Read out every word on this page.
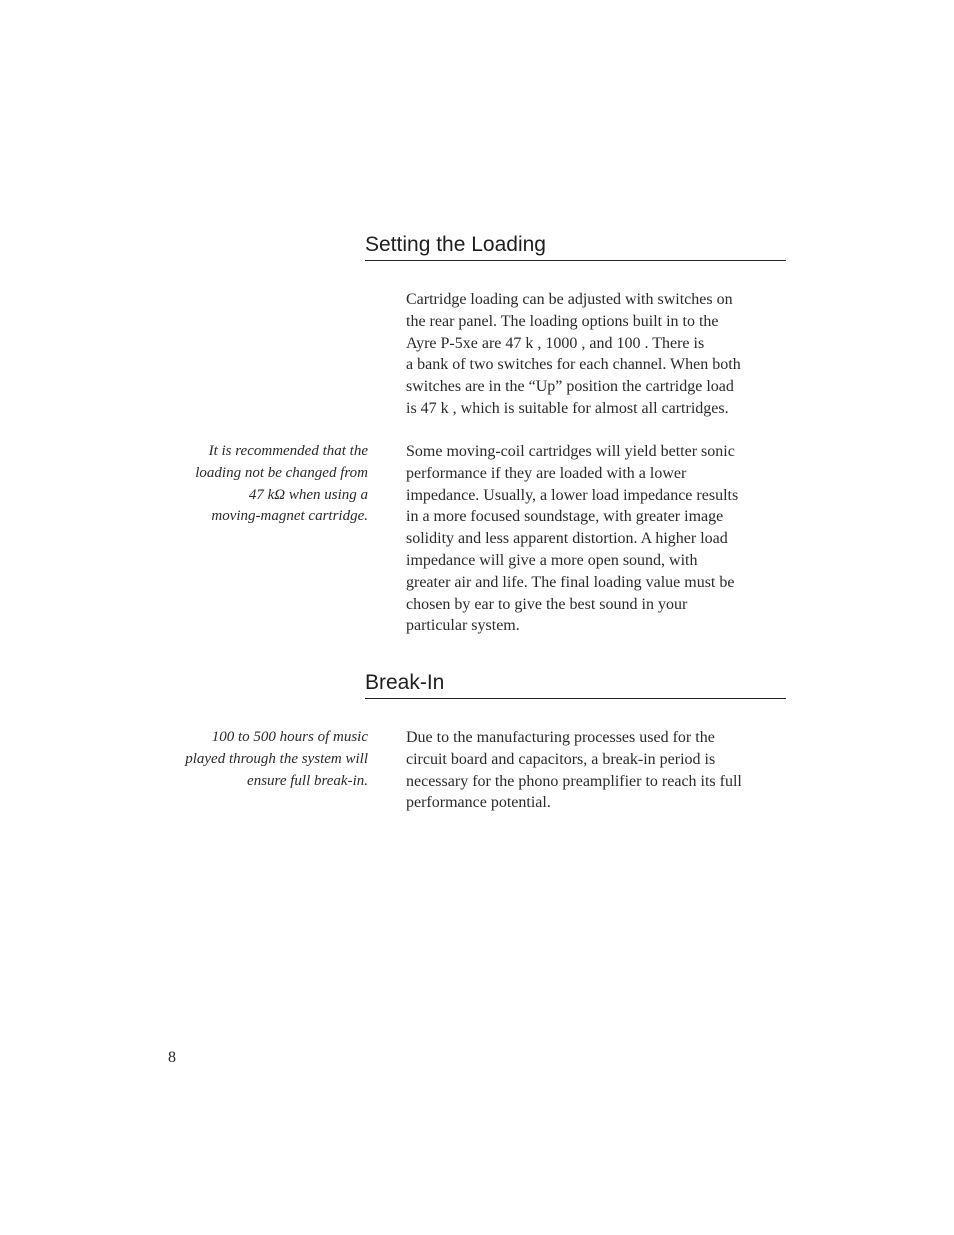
Setting the Loading

Cartridge loading can be adjusted with switches on
the rear panel. The loading options built in to the
Ayre P-5xe are 47 k , 1000 , and 100 . There is
a bank of two switches for each channel. When both
switches are in the “Up” position the cartridge load
is 47 k , which is suitable for almost all cartridges.

It is recommended that the
loading not be changed from
47 kΩ when using a
moving-magnet cartridge.

Some moving-coil cartridges will yield better sonic
performance if they are loaded with a lower
impedance. Usually, a lower load impedance results
in a more focused soundstage, with greater image
solidity and less apparent distortion. A higher load
impedance will give a more open sound, with
greater air and life. The final loading value must be
chosen by ear to give the best sound in your
particular system.

Break-In

100 to 500 hours of music
played through the system will
ensure full break-in.

Due to the manufacturing processes used for the
circuit board and capacitors, a break-in period is
necessary for the phono preamplifier to reach its full
performance potential.

8
